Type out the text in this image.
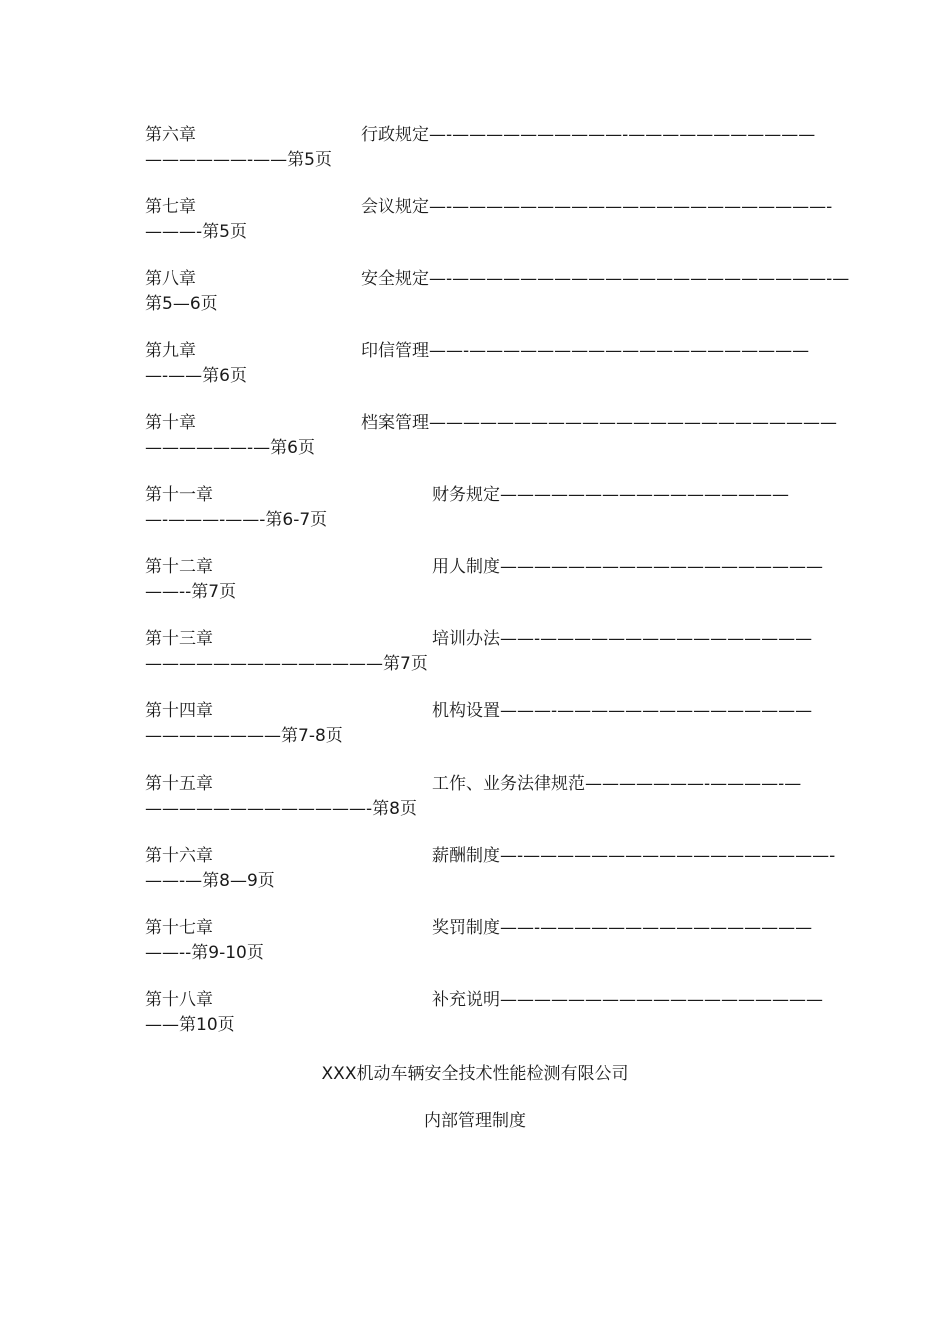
第六章	行政规定—-——————————-———————————
——————-——第5页
第七章	会议规定—-——————————————————————-
———-第5页
第八章	安全规定—-——————————————————————-—
第5—6页
第九章	印信管理——-————————————————————
—-——第6页
第十章	档案管理————————————————————————
——————-—第6页
第十一章	财务规定—————————————————
—-———-——-第6-7页
第十二章	用人制度———————————————————
——--第7页
第十三章	培训办法——-————————————————
——————————————第7页
第十四章	机构设置———-———————————————
————————第7-8页
第十五章	工作、业务法律规范———————-————-—
—————————————-第8页
第十六章	薪酬制度—-——————————————————-
——-—第8—9页
第十七章	奖罚制度——-————————————————
——--第9-10页
第十八章	补充说明———————————————————
——第10页
XXX机动车辆安全技术性能检测有限公司
内部管理制度
